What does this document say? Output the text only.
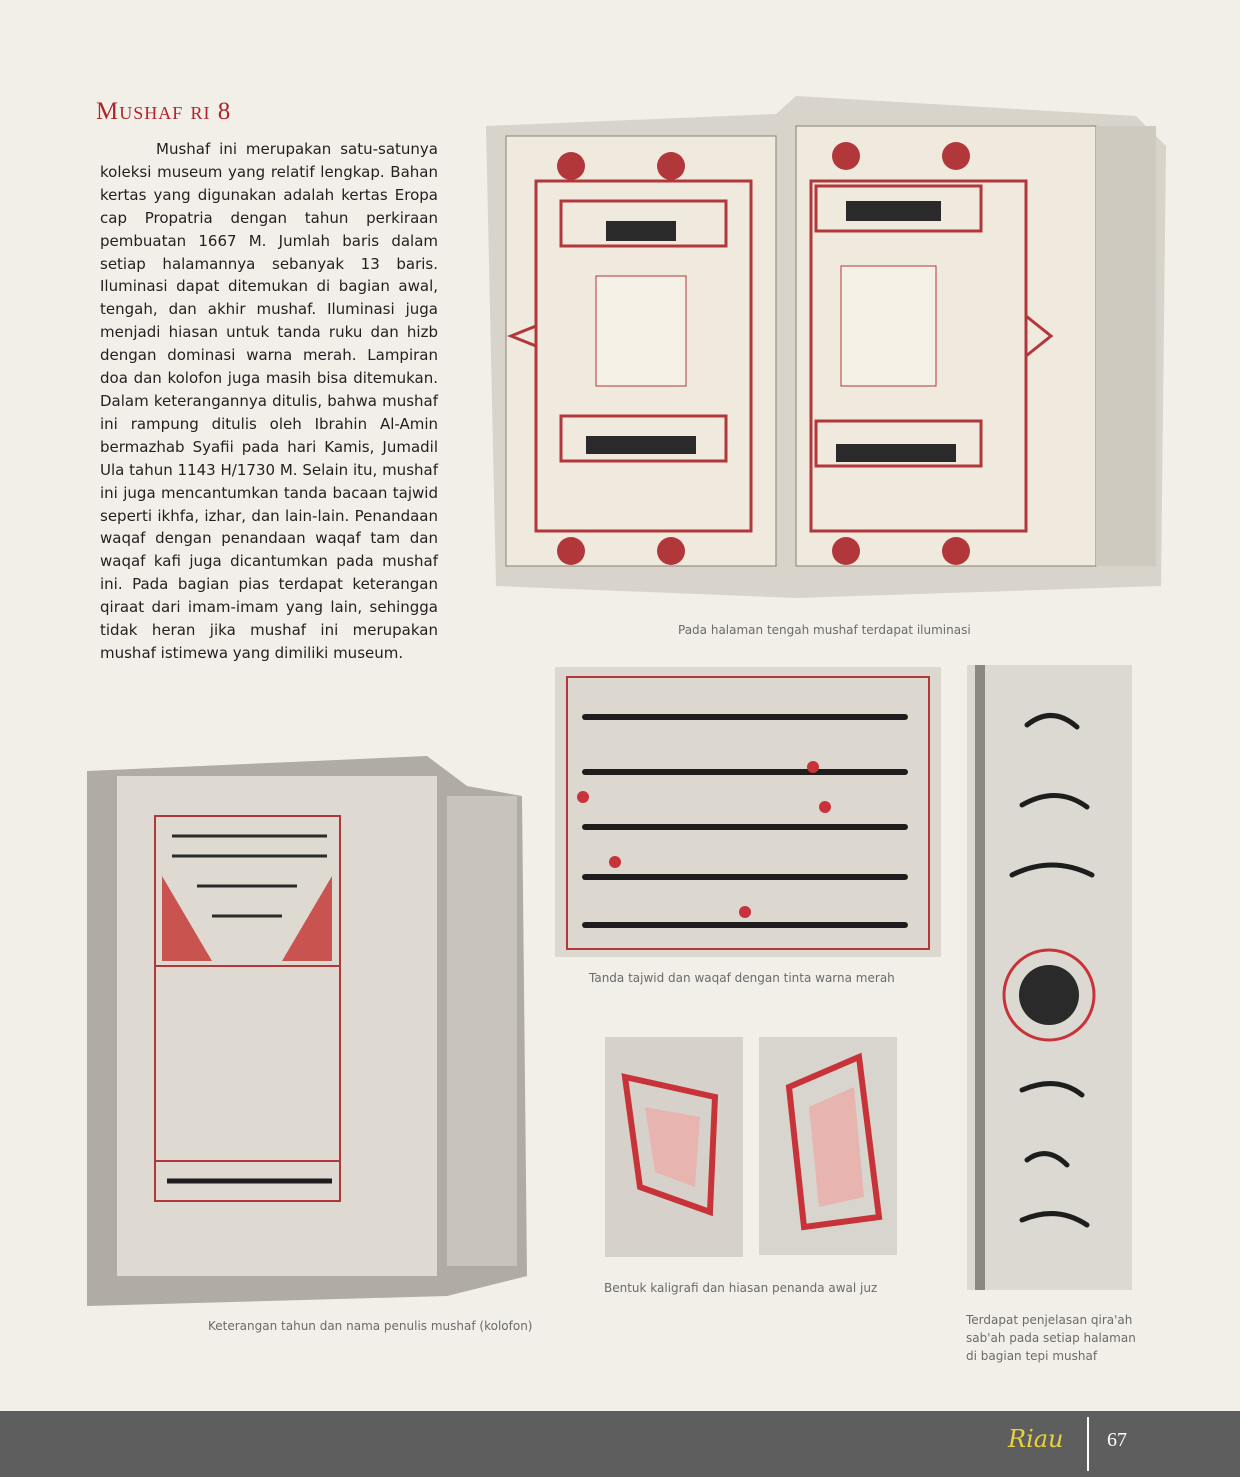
Mushaf ri 8

Mushaf ini merupakan satu-satunya koleksi museum yang relatif lengkap. Bahan kertas yang digunakan adalah kertas Eropa cap Propatria dengan tahun perkiraan pembuatan 1667 M. Jumlah baris dalam setiap halamannya sebanyak 13 baris. Iluminasi dapat ditemukan di bagian awal, tengah, dan akhir mushaf. Iluminasi juga menjadi hiasan untuk tanda ruku dan hizb dengan dominasi warna merah. Lampiran doa dan kolofon juga masih bisa ditemukan. Dalam keterangannya ditulis, bahwa mushaf ini rampung ditulis oleh Ibrahin Al-Amin bermazhab Syafii pada hari Kamis, Jumadil Ula tahun 1143 H/1730 M. Selain itu, mushaf ini juga mencantumkan tanda bacaan tajwid seperti ikhfa, izhar, dan lain-lain. Penandaan waqaf dengan penandaan waqaf tam dan waqaf kafi juga dicantumkan pada mushaf ini. Pada bagian pias terdapat keterangan qiraat dari imam-imam yang lain, sehingga tidak heran jika mushaf ini merupakan mushaf istimewa yang dimiliki museum.

Pada halaman tengah mushaf terdapat iluminasi
Tanda tajwid dan waqaf dengan tinta warna merah
Terdapat penjelasan qira'ah sab'ah pada setiap halaman di bagian tepi mushaf
Bentuk kaligrafi dan hiasan penanda awal juz
Keterangan tahun dan nama penulis mushaf (kolofon)
Riau 67
